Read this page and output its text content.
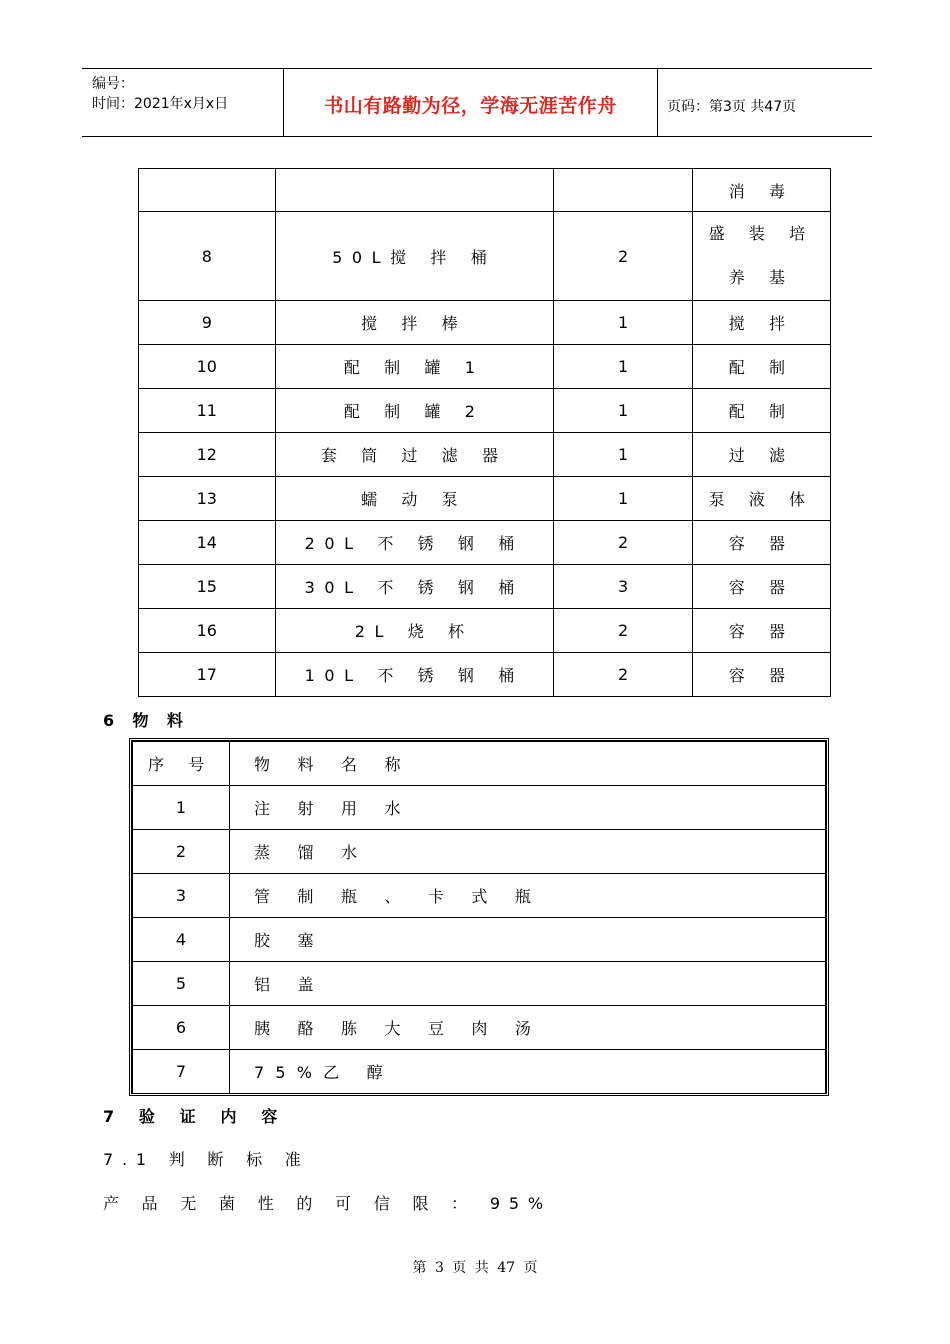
编号：
时间：2021年x月x日	书山有路勤为径，学海无涯苦作舟	页码：第3页 共47页
			消 毒
8	50L搅 拌 桶	2	盛 装 培
养 基

9	搅 拌 棒	1	搅 拌
10	配 制 罐 1	1	配 制
11	配 制 罐 2	1	配 制
12	套 筒 过 滤 器	1	过 滤
13	蠕 动 泵	1	泵 液 体
14	20L 不 锈 钢 桶	2	容 器
15	30L 不 锈 钢 桶	3	容 器
16	2L 烧 杯	2	容 器
17	10L 不 锈 钢 桶	2	容 器
6 物 料
序 号	物 料 名 称
1	注 射 用 水
2	蒸 馏 水
3	管 制 瓶 、 卡 式 瓶
4	胶 塞
5	铝 盖
6	胰 酪 胨 大 豆 肉 汤
7	75%乙 醇
7 验 证 内 容
7.1 判 断 标 准
产 品 无 菌 性 的 可 信 限 ： 95%
第 3 页 共 47 页
